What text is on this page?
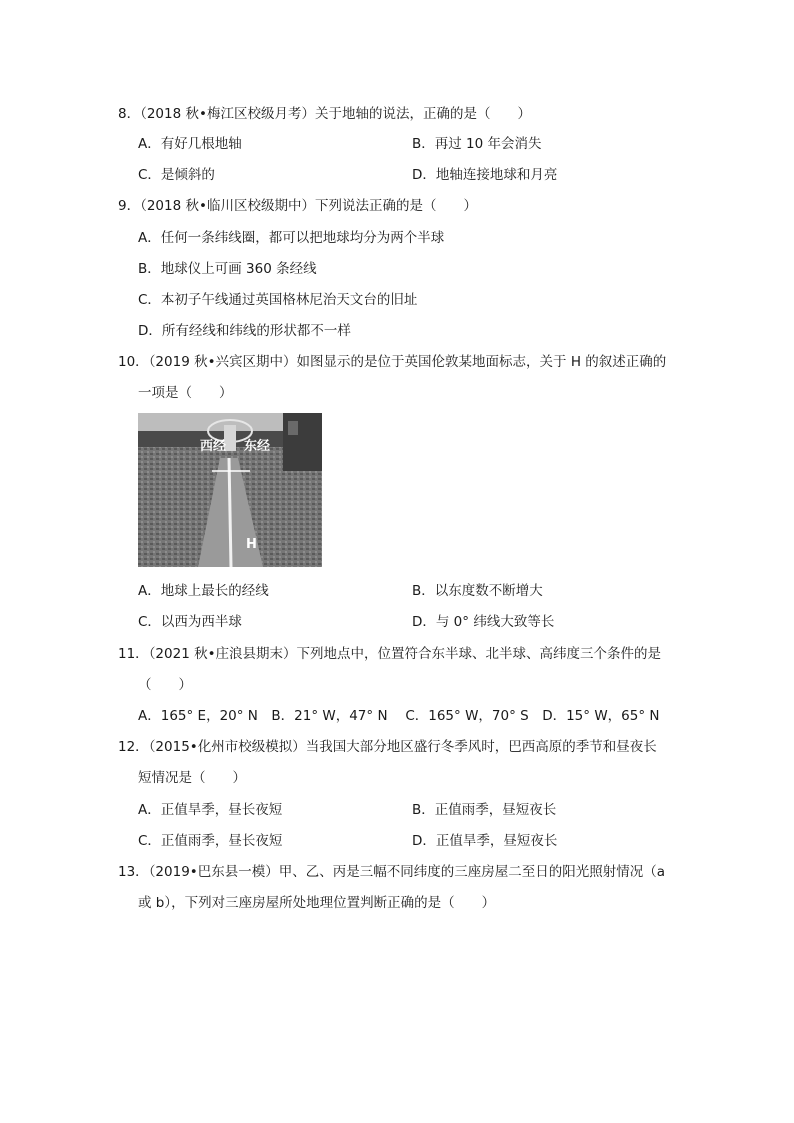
8．（2018 秋•梅江区校级月考）关于地轴的说法，正确的是（　　）
A．有好几根地轴	B．再过 10 年会消失
C．是倾斜的	D．地轴连接地球和月亮
9．（2018 秋•临川区校级期中）下列说法正确的是（　　）
A．任何一条纬线圈，都可以把地球均分为两个半球
B．地球仪上可画 360 条经线
C．本初子午线通过英国格林尼治天文台的旧址
D．所有经线和纬线的形状都不一样
10．（2019 秋•兴宾区期中）如图显示的是位于英国伦敦某地面标志，关于 H 的叙述正确的
一项是（　　）
西经 东经
H
A．地球上最长的经线	B．以东度数不断增大
C．以西为西半球	D．与 0° 纬线大致等长
11．（2021 秋•庄浪县期末）下列地点中，位置符合东半球、北半球、高纬度三个条件的是
（　　）
A．165° E，20° N　B．21° W，47° N　 C．165° W，70° S　D．15° W，65° N
12．（2015•化州市校级模拟）当我国大部分地区盛行冬季风时，巴西高原的季节和昼夜长
短情况是（　　）
A．正值旱季，昼长夜短	B．正值雨季，昼短夜长
C．正值雨季，昼长夜短	D．正值旱季，昼短夜长
13．（2019•巴东县一模）甲、乙、丙是三幅不同纬度的三座房屋二至日的阳光照射情况（a
或 b），下列对三座房屋所处地理位置判断正确的是（　　）
